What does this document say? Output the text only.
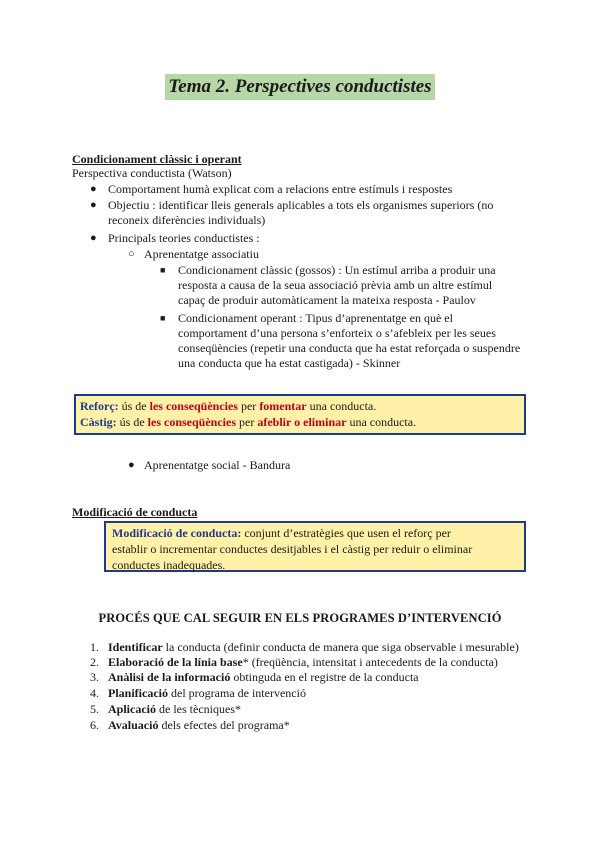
Tema 2. Perspectives conductistes
Condicionament clàssic i operant
Perspectiva conductista (Watson)
● Comportament humà explicat com a relacions entre estímuls i respostes
● Objectiu : identificar lleis generals aplicables a tots els organismes superiors (no
reconeix diferències individuals)
● Principals teories conductistes :
○ Aprenentatge associatiu
■ Condicionament clàssic (gossos) : Un estímul arriba a produir una
resposta a causa de la seua associació prèvia amb un altre estímul
capaç de produir automàticament la mateixa resposta - Paulov
■ Condicionament operant : Tipus d’aprenentatge en què el
comportament d’una persona s’enforteix o s’afebleix per les seues
conseqüències (repetir una conducta que ha estat reforçada o suspendre
una conducta que ha estat castigada) - Skinner
Reforç: ús de les conseqüències per fomentar una conducta.
Càstig: ús de les conseqüències per afeblir o eliminar una conducta.
● Aprenentatge social - Bandura
Modificació de conducta
Modificació de conducta: conjunt d’estratègies que usen el reforç per
establir o incrementar conductes desitjables i el càstig per reduir o eliminar
conductes inadequades.
PROCÉS QUE CAL SEGUIR EN ELS PROGRAMES D’INTERVENCIÓ
1. Identificar la conducta (definir conducta de manera que siga observable i mesurable)
2. Elaboració de la línia base* (freqüència, intensitat i antecedents de la conducta)
3. Anàlisi de la informació obtinguda en el registre de la conducta
4. Planificació del programa de intervenció
5. Aplicació de les tècniques*
6. Avaluació dels efectes del programa*
